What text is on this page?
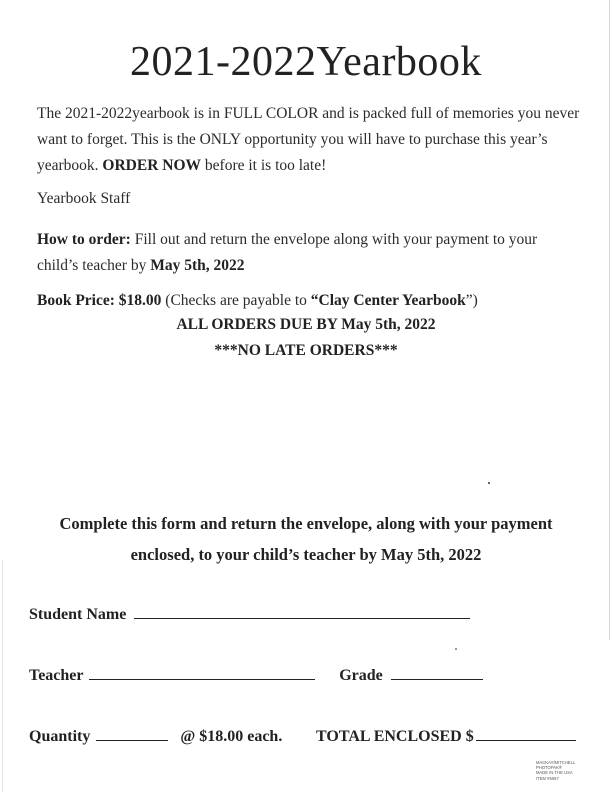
2021-2022Yearbook
The 2021-2022yearbook is in FULL COLOR and is packed full of memories you never want to forget. This is the ONLY opportunity you will have to purchase this year’s yearbook. ORDER NOW before it is too late!
Yearbook Staff
How to order: Fill out and return the envelope along with your payment to your child’s teacher by May 5th, 2022
Book Price: $18.00 (Checks are payable to “Clay Center Yearbook”)
ALL ORDERS DUE BY May 5th, 2022
***NO LATE ORDERS***
Complete this form and return the envelope, along with your payment
enclosed, to your child’s teacher by May 5th, 2022
Student Name
Teacher	Grade
Quantity	@ $18.00 each. TOTAL ENCLOSED $
MACKAY/MITCHELL
PHOTOPAK®
MADE IN THE USA
ITEM #5067
